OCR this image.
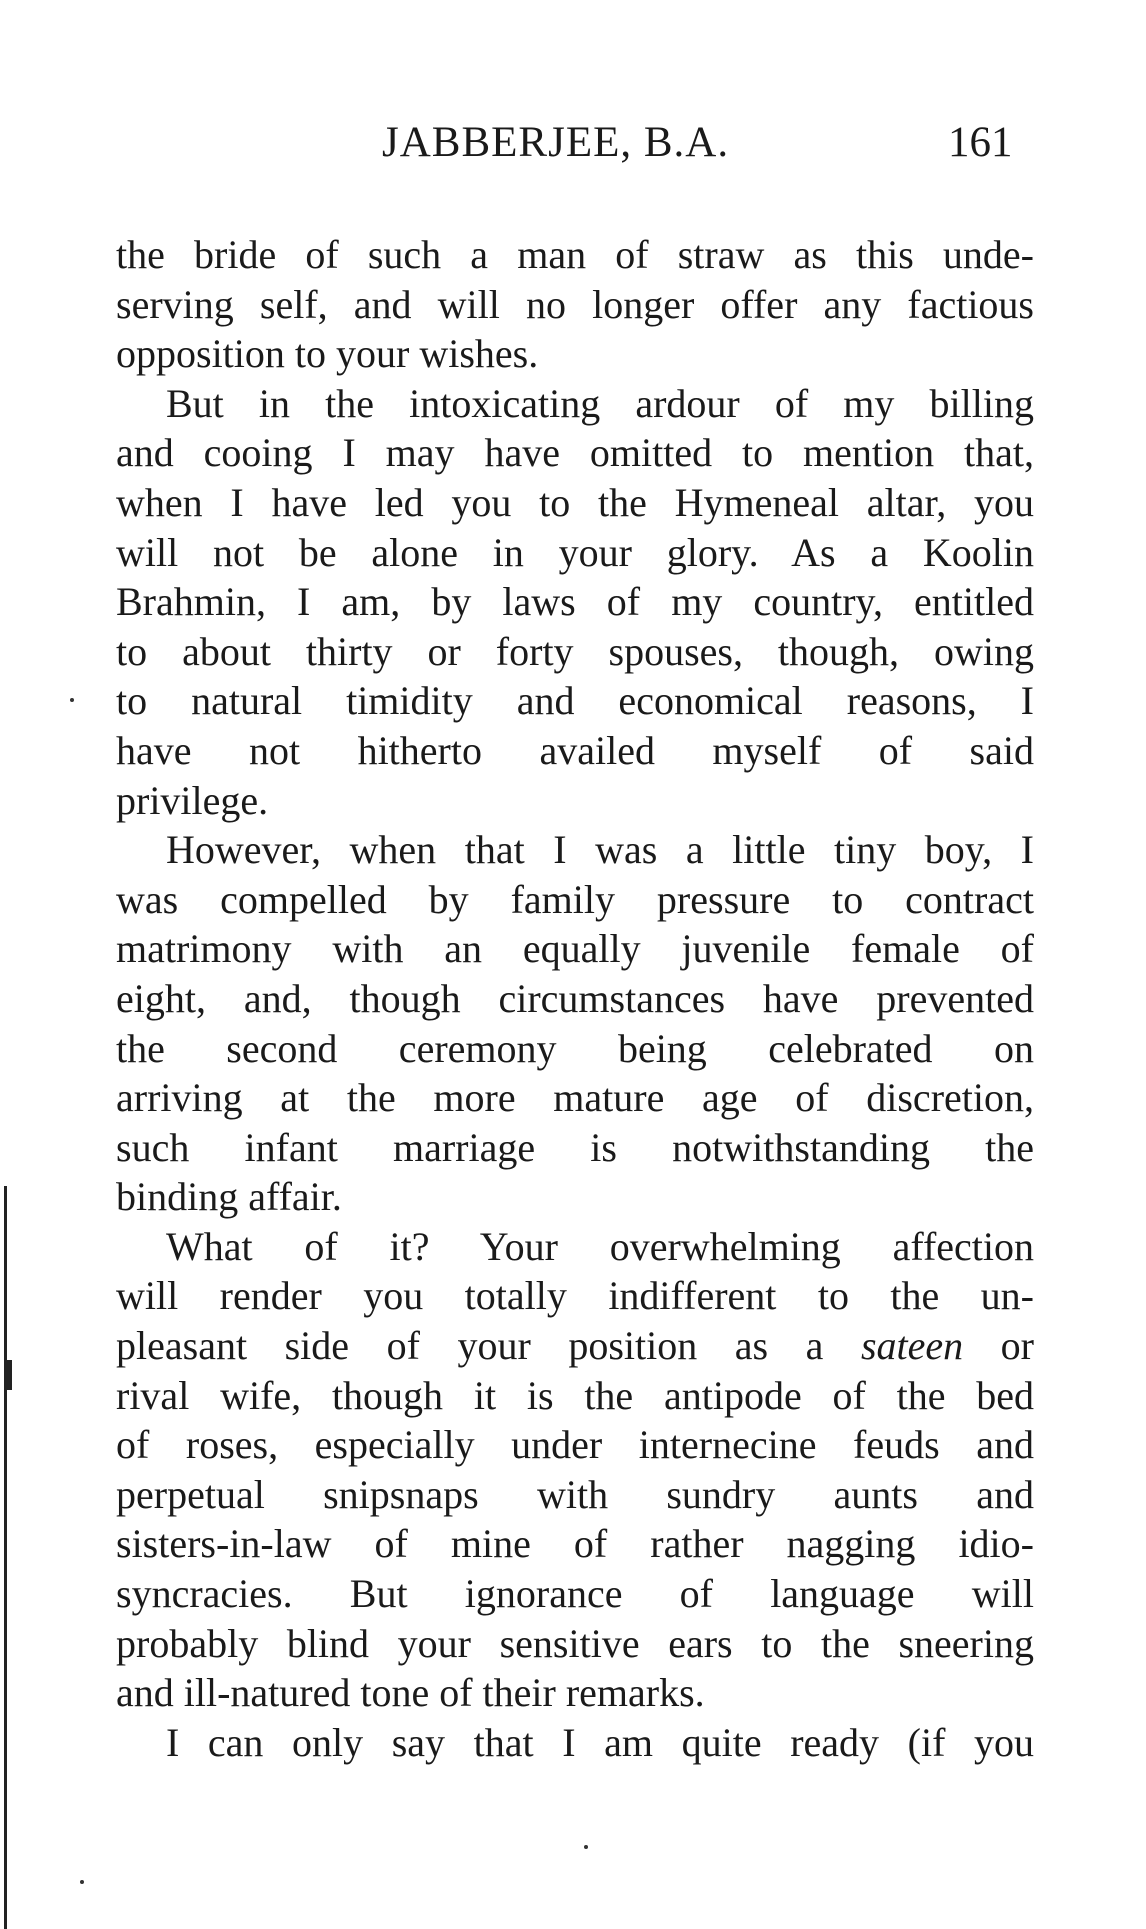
JABBERJEE, B.A.	161
the bride of such a man of straw as this unde-
serving self, and will no longer offer any factious
opposition to your wishes.
But in the intoxicating ardour of my billing
and cooing I may have omitted to mention that,
when I have led you to the Hymeneal altar, you
will not be alone in your glory. As a Koolin
Brahmin, I am, by laws of my country, entitled
to about thirty or forty spouses, though, owing
to natural timidity and economical reasons, I
have not hitherto availed myself of said
privilege.
However, when that I was a little tiny boy, I
was compelled by family pressure to contract
matrimony with an equally juvenile female of
eight, and, though circumstances have prevented
the second ceremony being celebrated on
arriving at the more mature age of discretion,
such infant marriage is notwithstanding the
binding affair.
What of it? Your overwhelming affection
will render you totally indifferent to the un-
pleasant side of your position as a sateen or
rival wife, though it is the antipode of the bed
of roses, especially under internecine feuds and
perpetual snipsnaps with sundry aunts and
sisters-in-law of mine of rather nagging idio-
syncracies. But ignorance of language will
probably blind your sensitive ears to the sneering
and ill-natured tone of their remarks.
I can only say that I am quite ready (if you
